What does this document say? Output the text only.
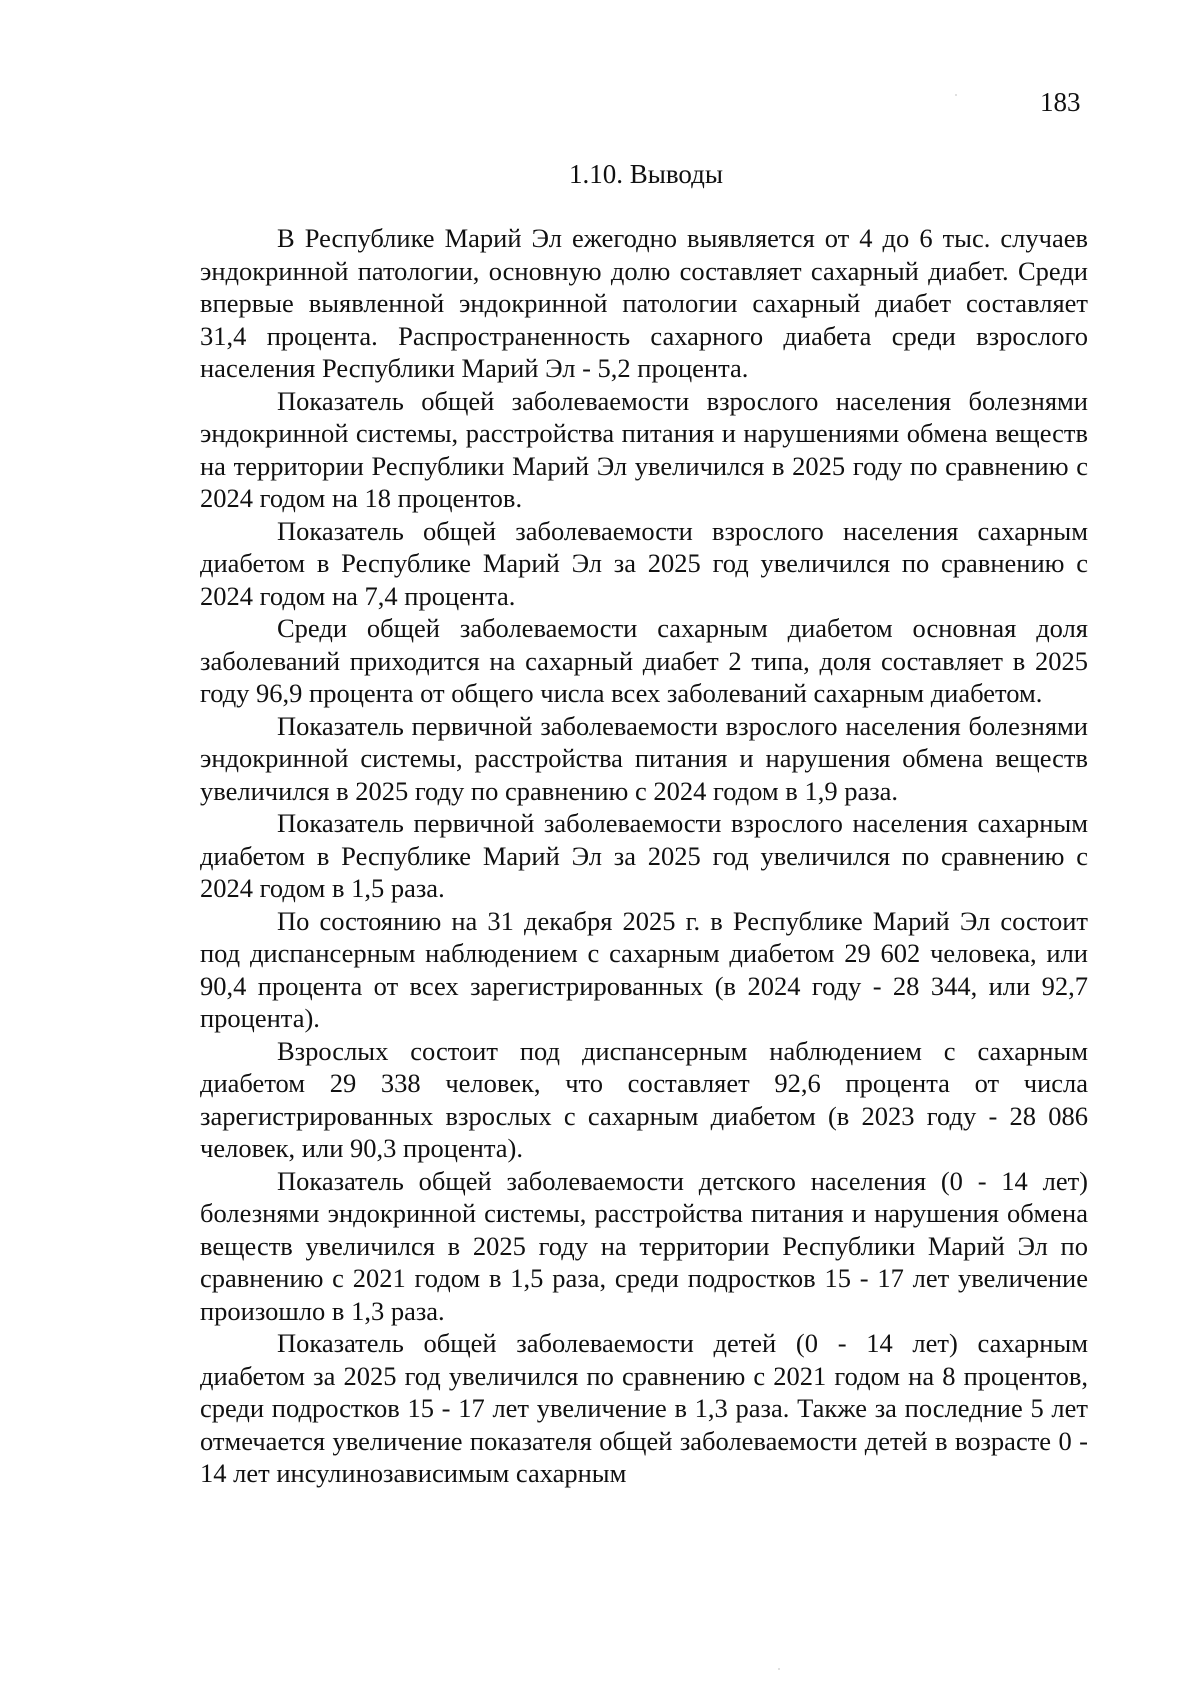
183

1.10. Выводы

В Республике Марий Эл ежегодно выявляется от 4 до 6 тыс. случаев эндокринной патологии, основную долю составляет сахарный диабет. Среди впервые выявленной эндокринной патологии сахарный диабет составляет 31,4 процента. Распространенность сахарного диабета среди взрослого населения Республики Марий Эл - 5,2 процента.

Показатель общей заболеваемости взрослого населения болезнями эндокринной системы, расстройства питания и нарушениями обмена веществ на территории Республики Марий Эл увеличился в 2025 году по сравнению с 2024 годом на 18 процентов.

Показатель общей заболеваемости взрослого населения сахарным диабетом в Республике Марий Эл за 2025 год увеличился по сравнению с 2024 годом на 7,4 процента.

Среди общей заболеваемости сахарным диабетом основная доля заболеваний приходится на сахарный диабет 2 типа, доля составляет в 2025 году 96,9 процента от общего числа всех заболеваний сахарным диабетом.

Показатель первичной заболеваемости взрослого населения болезнями эндокринной системы, расстройства питания и нарушения обмена веществ увеличился в 2025 году по сравнению с 2024 годом в 1,9 раза.

Показатель первичной заболеваемости взрослого населения сахарным диабетом в Республике Марий Эл за 2025 год увеличился по сравнению с 2024 годом в 1,5 раза.

По состоянию на 31 декабря 2025 г. в Республике Марий Эл состоит под диспансерным наблюдением с сахарным диабетом 29 602 человека, или 90,4 процента от всех зарегистрированных (в 2024 году - 28 344, или 92,7 процента).

Взрослых состоит под диспансерным наблюдением с сахарным диабетом 29 338 человек, что составляет 92,6 процента от числа зарегистрированных взрослых с сахарным диабетом (в 2023 году - 28 086 человек, или 90,3 процента).

Показатель общей заболеваемости детского населения (0 - 14 лет) болезнями эндокринной системы, расстройства питания и нарушения обмена веществ увеличился в 2025 году на территории Республики Марий Эл по сравнению с 2021 годом в 1,5 раза, среди подростков 15 - 17 лет увеличение произошло в 1,3 раза.

Показатель общей заболеваемости детей (0 - 14 лет) сахарным диабетом за 2025 год увеличился по сравнению с 2021 годом на 8 процентов, среди подростков 15 - 17 лет увеличение в 1,3 раза. Также за последние 5 лет отмечается увеличение показателя общей заболеваемости детей в возрасте 0 - 14 лет инсулинозависимым сахарным
